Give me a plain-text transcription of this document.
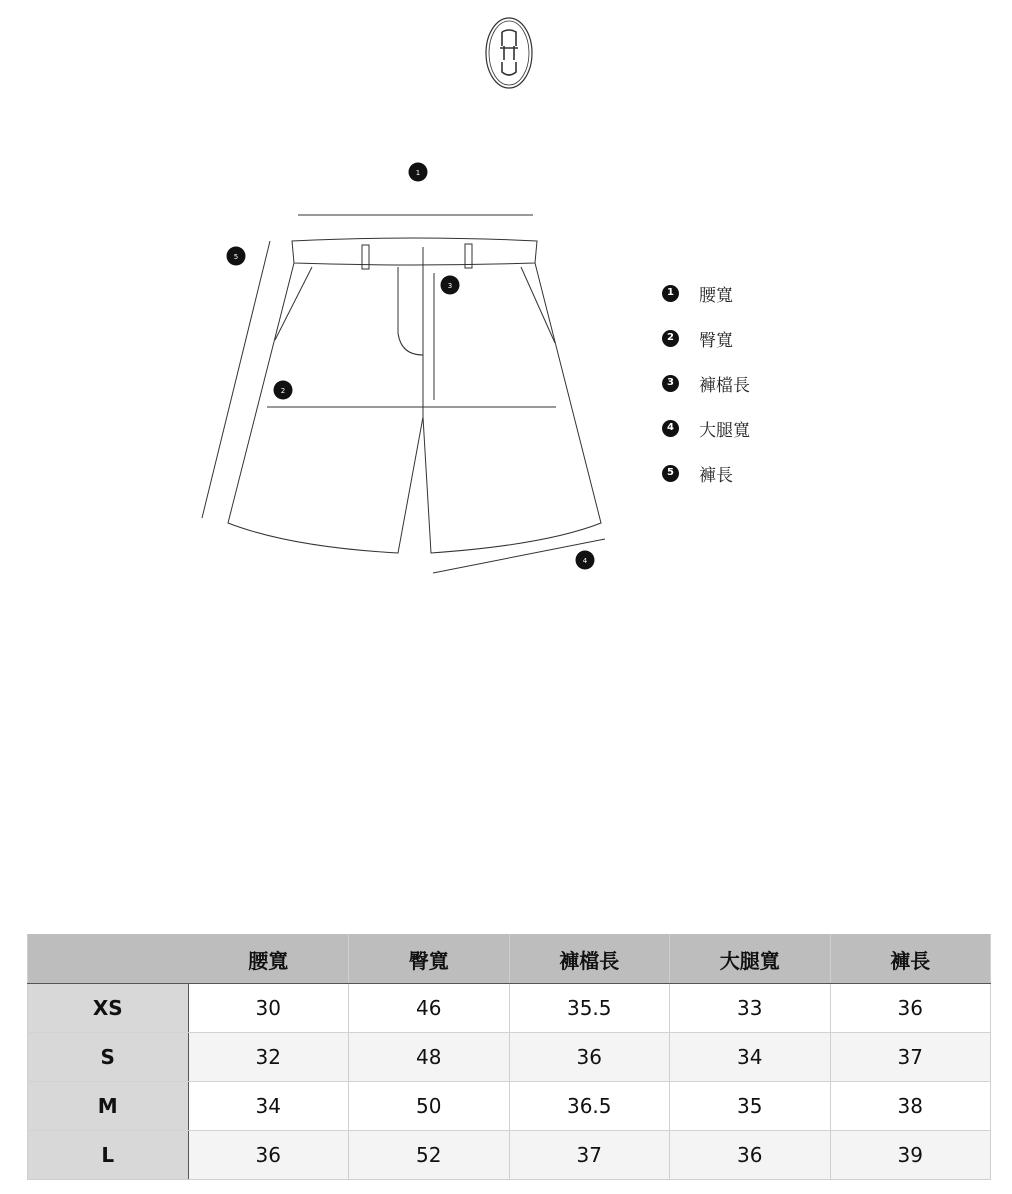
1
5
3
2
4
1 腰寬
2 臀寬
3 褲檔長
4 大腿寬
5 褲長
	腰寬	臀寬	褲檔長	大腿寬	褲長
XS	30	46	35.5	33	36
S	32	48	36	34	37
M	34	50	36.5	35	38
L	36	52	37	36	39
